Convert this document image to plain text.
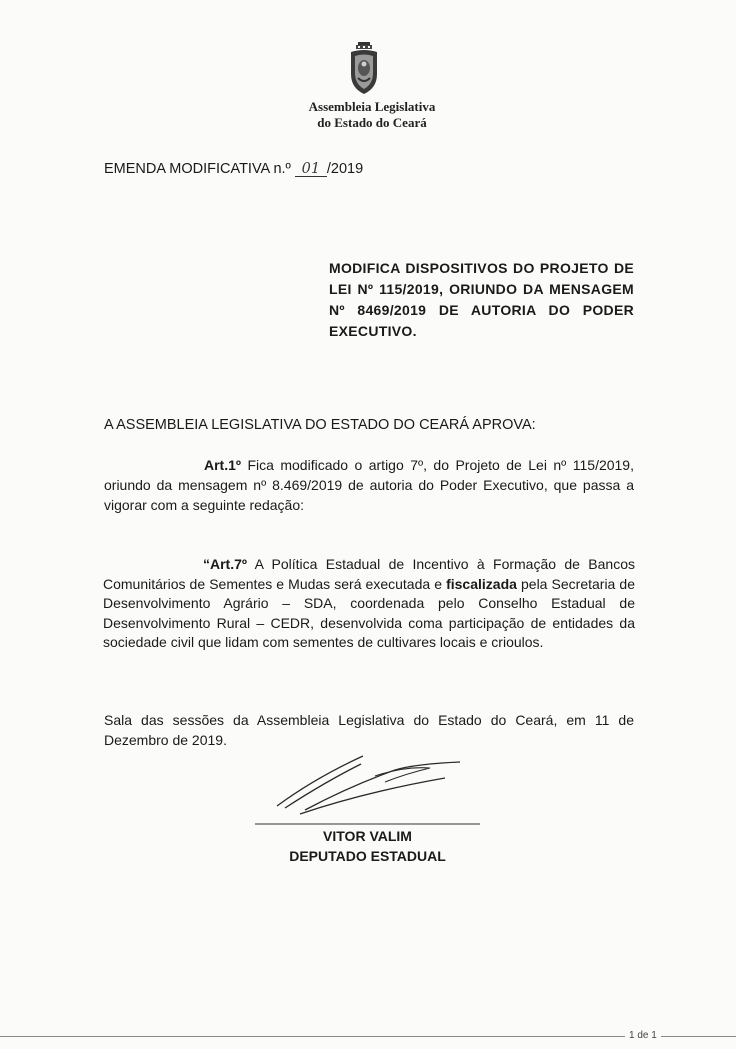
Assembleia Legislativa
do Estado do Ceará
EMENDA MODIFICATIVA n.º 01 /2019
MODIFICA DISPOSITIVOS DO PROJETO DE LEI Nº 115/2019, ORIUNDO DA MENSAGEM Nº 8469/2019 DE AUTORIA DO PODER EXECUTIVO.
A ASSEMBLEIA LEGISLATIVA DO ESTADO DO CEARÁ APROVA:
Art.1º Fica modificado o artigo 7º, do Projeto de Lei nº 115/2019, oriundo da mensagem nº 8.469/2019 de autoria do Poder Executivo, que passa a vigorar com a seguinte redação:
“Art.7º A Política Estadual de Incentivo à Formação de Bancos Comunitários de Sementes e Mudas será executada e fiscalizada pela Secretaria de Desenvolvimento Agrário – SDA, coordenada pelo Conselho Estadual de Desenvolvimento Rural – CEDR, desenvolvida coma participação de entidades da sociedade civil que lidam com sementes de cultivares locais e crioulos.
Sala das sessões da Assembleia Legislativa do Estado do Ceará, em 11 de Dezembro de 2019.
VITOR VALIM
DEPUTADO ESTADUAL
1 de 1
